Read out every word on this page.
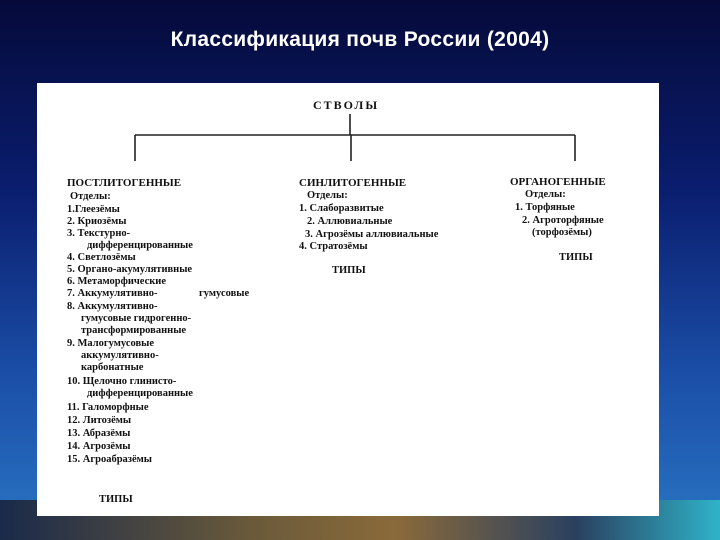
Классификация почв России (2004)
СТВОЛЫ
ПОСТЛИТОГЕННЫЕ
Отделы:
1.Глеезёмы
2. Криозёмы
3. Текстурно-
дифференцированные
4. Светлозёмы
5. Органо-акумулятивные
6. Метаморфические
7. Аккумулятивно-	гумусовые
8. Аккумулятивно-
гумусовые гидрогенно-
трансформированные
9. Малогумусовые
аккумулятивно-
карбонатные
10. Щелочно глинисто-
дифференцированные
11. Галоморфные
12. Литозёмы
13. Абразёмы
14. Агрозёмы
15. Агроабразёмы
ТИПЫ
СИНЛИТОГЕННЫЕ
Отделы:
1. Слаборазвитые
2. Аллювиальные
3. Агрозёмы аллювиальные
4. Стратозёмы
ТИПЫ
ОРГАНОГЕННЫЕ
Отделы:
1. Торфяные
2. Агроторфяные
(торфозёмы)
ТИПЫ
